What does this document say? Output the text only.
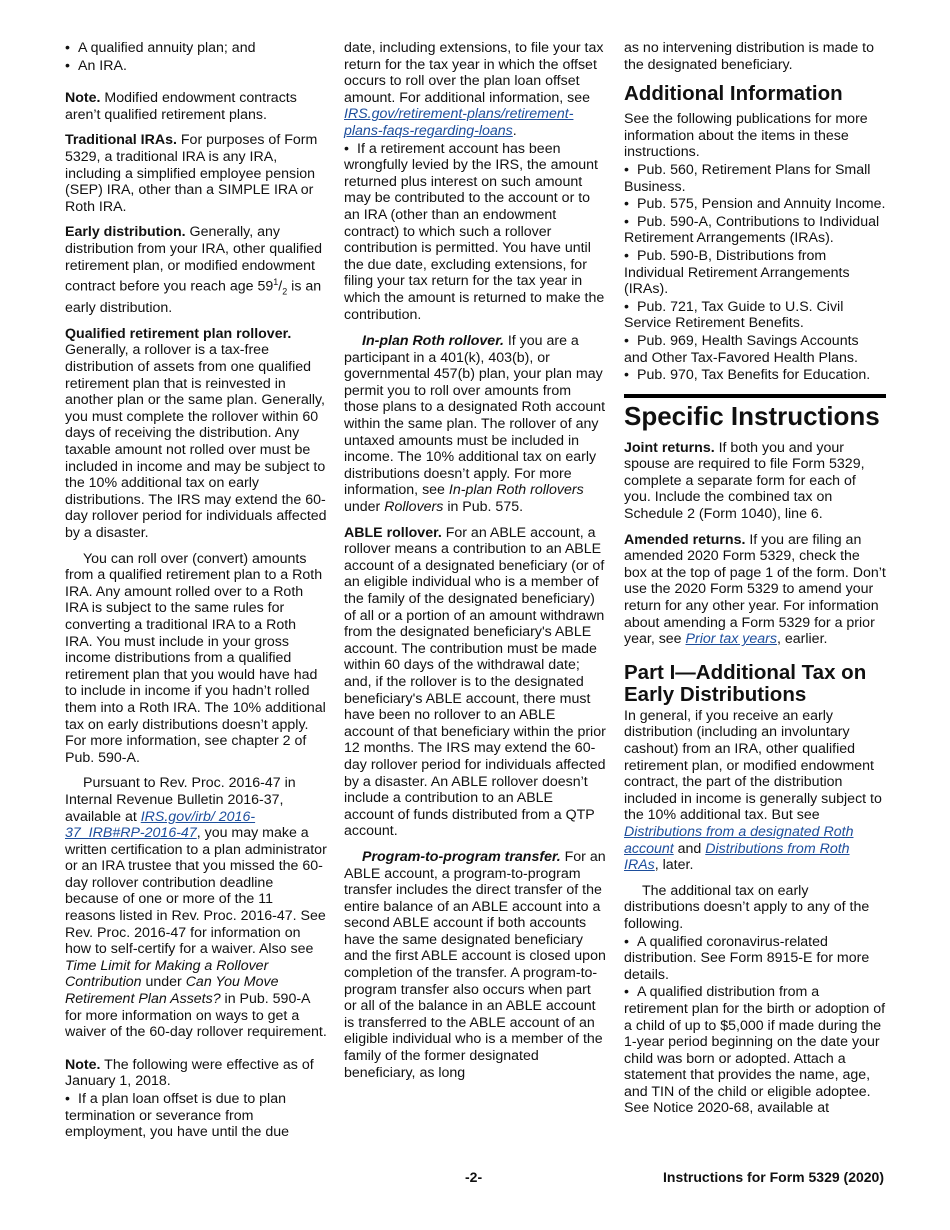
• A qualified annuity plan; and
• An IRA.

Note. Modified endowment contracts aren’t qualified retirement plans.

Traditional IRAs. For purposes of Form 5329, a traditional IRA is any IRA, including a simplified employee pension (SEP) IRA, other than a SIMPLE IRA or Roth IRA.

Early distribution. Generally, any distribution from your IRA, other qualified retirement plan, or modified endowment contract before you reach age $59^1/_2$ is an early distribution.

Qualified retirement plan rollover. Generally, a rollover is a tax-free distribution of assets from one qualified retirement plan that is reinvested in another plan or the same plan. Generally, you must complete the rollover within 60 days of receiving the distribution. Any taxable amount not rolled over must be included in income and may be subject to the 10% additional tax on early distributions. The IRS may extend the 60-day rollover period for individuals affected by a disaster.

You can roll over (convert) amounts from a qualified retirement plan to a Roth IRA. Any amount rolled over to a Roth IRA is subject to the same rules for converting a traditional IRA to a Roth IRA. You must include in your gross income distributions from a qualified retirement plan that you would have had to include in income if you hadn’t rolled them into a Roth IRA. The 10% additional tax on early distributions doesn’t apply. For more information, see chapter 2 of Pub. 590-A.

Pursuant to Rev. Proc. 2016-47 in Internal Revenue Bulletin 2016-37, available at IRS.gov/irb/ 2016-37_IRB#RP-2016-47, you may make a written certification to a plan administrator or an IRA trustee that you missed the 60-day rollover contribution deadline because of one or more of the 11 reasons listed in Rev. Proc. 2016-47. See Rev. Proc. 2016-47 for information on how to self-certify for a waiver. Also see Time Limit for Making a Rollover Contribution under Can You Move Retirement Plan Assets? in Pub. 590-A for more information on ways to get a waiver of the 60-day rollover requirement.

Note. The following were effective as of January 1, 2018.

• If a plan loan offset is due to plan termination or severance from employment, you have until the due

date, including extensions, to file your tax return for the tax year in which the offset occurs to roll over the plan loan offset amount. For additional information, see IRS.gov/retirement-plans/retirement-plans-faqs-regarding-loans.

• If a retirement account has been wrongfully levied by the IRS, the amount returned plus interest on such amount may be contributed to the account or to an IRA (other than an endowment contract) to which such a rollover contribution is permitted. You have until the due date, excluding extensions, for filing your tax return for the tax year in which the amount is returned to make the contribution.

In-plan Roth rollover. If you are a participant in a 401(k), 403(b), or governmental 457(b) plan, your plan may permit you to roll over amounts from those plans to a designated Roth account within the same plan. The rollover of any untaxed amounts must be included in income. The 10% additional tax on early distributions doesn’t apply. For more information, see In-plan Roth rollovers under Rollovers in Pub. 575.

ABLE rollover. For an ABLE account, a rollover means a contribution to an ABLE account of a designated beneficiary (or of an eligible individual who is a member of the family of the designated beneficiary) of all or a portion of an amount withdrawn from the designated beneficiary's ABLE account. The contribution must be made within 60 days of the withdrawal date; and, if the rollover is to the designated beneficiary's ABLE account, there must have been no rollover to an ABLE account of that beneficiary within the prior 12 months. The IRS may extend the 60-day rollover period for individuals affected by a disaster. An ABLE rollover doesn’t include a contribution to an ABLE account of funds distributed from a QTP account.

Program-to-program transfer. For an ABLE account, a program-to-program transfer includes the direct transfer of the entire balance of an ABLE account into a second ABLE account if both accounts have the same designated beneficiary and the first ABLE account is closed upon completion of the transfer. A program-to-program transfer also occurs when part or all of the balance in an ABLE account is transferred to the ABLE account of an eligible individual who is a member of the family of the former designated beneficiary, as long

as no intervening distribution is made to the designated beneficiary.

Additional Information

See the following publications for more information about the items in these instructions.

• Pub. 560, Retirement Plans for Small Business.
• Pub. 575, Pension and Annuity Income.
• Pub. 590-A, Contributions to Individual Retirement Arrangements (IRAs).
• Pub. 590-B, Distributions from Individual Retirement Arrangements (IRAs).
• Pub. 721, Tax Guide to U.S. Civil Service Retirement Benefits.
• Pub. 969, Health Savings Accounts and Other Tax-Favored Health Plans.
• Pub. 970, Tax Benefits for Education.
Specific Instructions

Joint returns. If both you and your spouse are required to file Form 5329, complete a separate form for each of you. Include the combined tax on Schedule 2 (Form 1040), line 6.

Amended returns. If you are filing an amended 2020 Form 5329, check the box at the top of page 1 of the form. Don’t use the 2020 Form 5329 to amend your return for any other year. For information about amending a Form 5329 for a prior year, see Prior tax years, earlier.

Part I—Additional Tax on Early Distributions

In general, if you receive an early distribution (including an involuntary cashout) from an IRA, other qualified retirement plan, or modified endowment contract, the part of the distribution included in income is generally subject to the 10% additional tax. But see Distributions from a designated Roth account and Distributions from Roth IRAs, later.

The additional tax on early distributions doesn’t apply to any of the following.

• A qualified coronavirus-related distribution. See Form 8915-E for more details.
• A qualified distribution from a retirement plan for the birth or adoption of a child of up to $5,000 if made during the 1-year period beginning on the date your child was born or adopted. Attach a statement that provides the name, age, and TIN of the child or eligible adoptee. See Notice 2020-68, available at
-2-	Instructions for Form 5329 (2020)
